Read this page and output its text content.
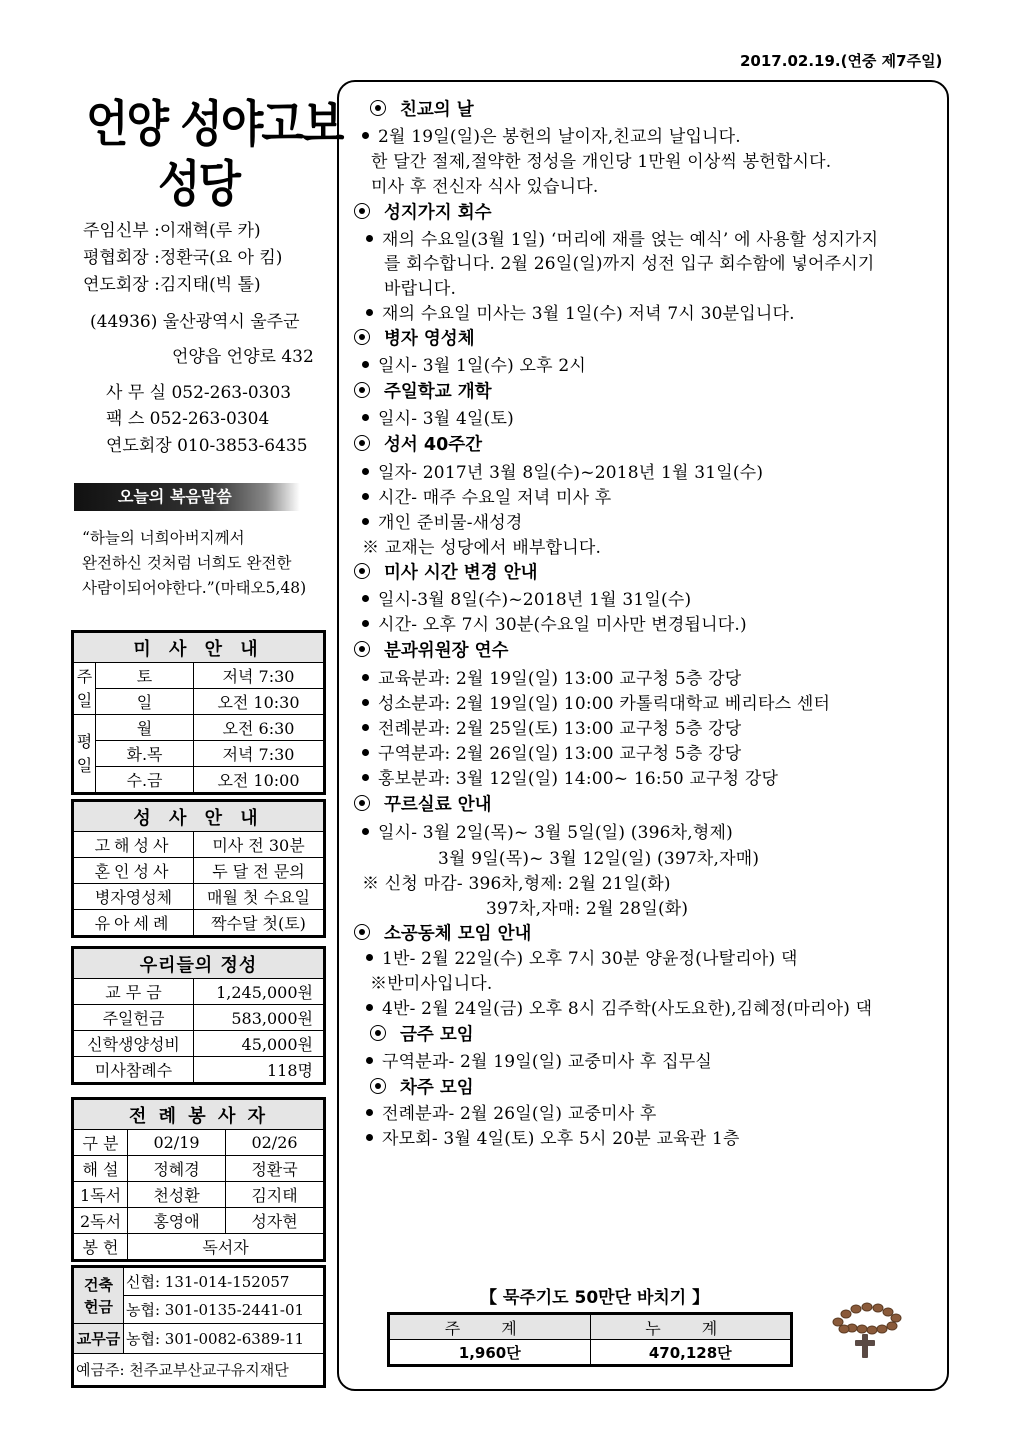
2017.02.19.(연중 제7주일)
언양 성야고보
성당
주임신부 :이재혁(루 카)
평협회장 :정환국(요 아 킴)
연도회장 :김지태(빅 톨)
(44936) 울산광역시 울주군
언양읍 언양로 432
사 무 실 052-263-0303
팩 스 052-263-0304
연도회장 010-3853-6435
오늘의 복음말씀
“하늘의 너희아버지께서
완전하신 것처럼 너희도 완전한
사람이되어야한다.”(마태오5,48)
미 사 안 내		
주일	토	저녁 7:30
	일	오전 10:30
평일	월	오전 6:30
	화.목	저녁 7:30
	수.금	오전 10:00
성 사 안 내	
고해성사	미사 전 30분
혼인성사	두 달 전 문의
병자영성체	매월 첫 수요일
유아세례	짝수달 첫(토)
우리들의 정성	
교 무 금	1,245,000원
주일헌금	583,000원
신학생양성비	45,000원
미사참례수	118명
전 례 봉 사 자		
구 분	02/19	02/26
해 설	정혜경	정환국
1독서	천성환	김지태
2독서	홍영애	성자현
봉 헌	독서자	
건축
헌금	신협: 131-014-152057
	농협: 301-0135-2441-01
교무금	농협: 301-0082-6389-11
예금주: 천주교부산교구유지재단	
친교의 날
2월 19일(일)은 봉헌의 날이자,친교의 날입니다.
한 달간 절제,절약한 정성을 개인당 1만원 이상씩 봉헌합시다.
미사 후 전신자 식사 있습니다.
성지가지 회수
재의 수요일(3월 1일) ‘머리에 재를 얹는 예식’ 에 사용할 성지가지
를 회수합니다. 2월 26일(일)까지 성전 입구 회수함에 넣어주시기
바랍니다.
재의 수요일 미사는 3월 1일(수) 저녁 7시 30분입니다.
병자 영성체
일시- 3월 1일(수) 오후 2시
주일학교 개학
일시- 3월 4일(토)
성서 40주간
일자- 2017년 3월 8일(수)~2018년 1월 31일(수)
시간- 매주 수요일 저녁 미사 후
개인 준비물-새성경
※ 교재는 성당에서 배부합니다.
미사 시간 변경 안내
일시-3월 8일(수)~2018년 1월 31일(수)
시간- 오후 7시 30분(수요일 미사만 변경됩니다.)
분과위원장 연수
교육분과: 2월 19일(일) 13:00 교구청 5층 강당
성소분과: 2월 19일(일) 10:00 카톨릭대학교 베리타스 센터
전례분과: 2월 25일(토) 13:00 교구청 5층 강당
구역분과: 2월 26일(일) 13:00 교구청 5층 강당
홍보분과: 3월 12일(일) 14:00~ 16:50 교구청 강당
꾸르실료 안내
일시- 3월 2일(목)~ 3월 5일(일) (396차,형제)
3월 9일(목)~ 3월 12일(일) (397차,자매)
※ 신청 마감- 396차,형제: 2월 21일(화)
397차,자매: 2월 28일(화)
소공동체 모임 안내
1반- 2월 22일(수) 오후 7시 30분 양윤정(나탈리아) 댁
※반미사입니다.
4반- 2월 24일(금) 오후 8시 김주학(사도요한),김혜정(마리아) 댁
금주 모임
구역분과- 2월 19일(일) 교중미사 후 집무실
차주 모임
전례분과- 2월 26일(일) 교중미사 후
자모회- 3월 4일(토) 오후 5시 20분 교육관 1층
【 묵주기도 50만단 바치기 】
주 계	누 계
1,960단	470,128단
